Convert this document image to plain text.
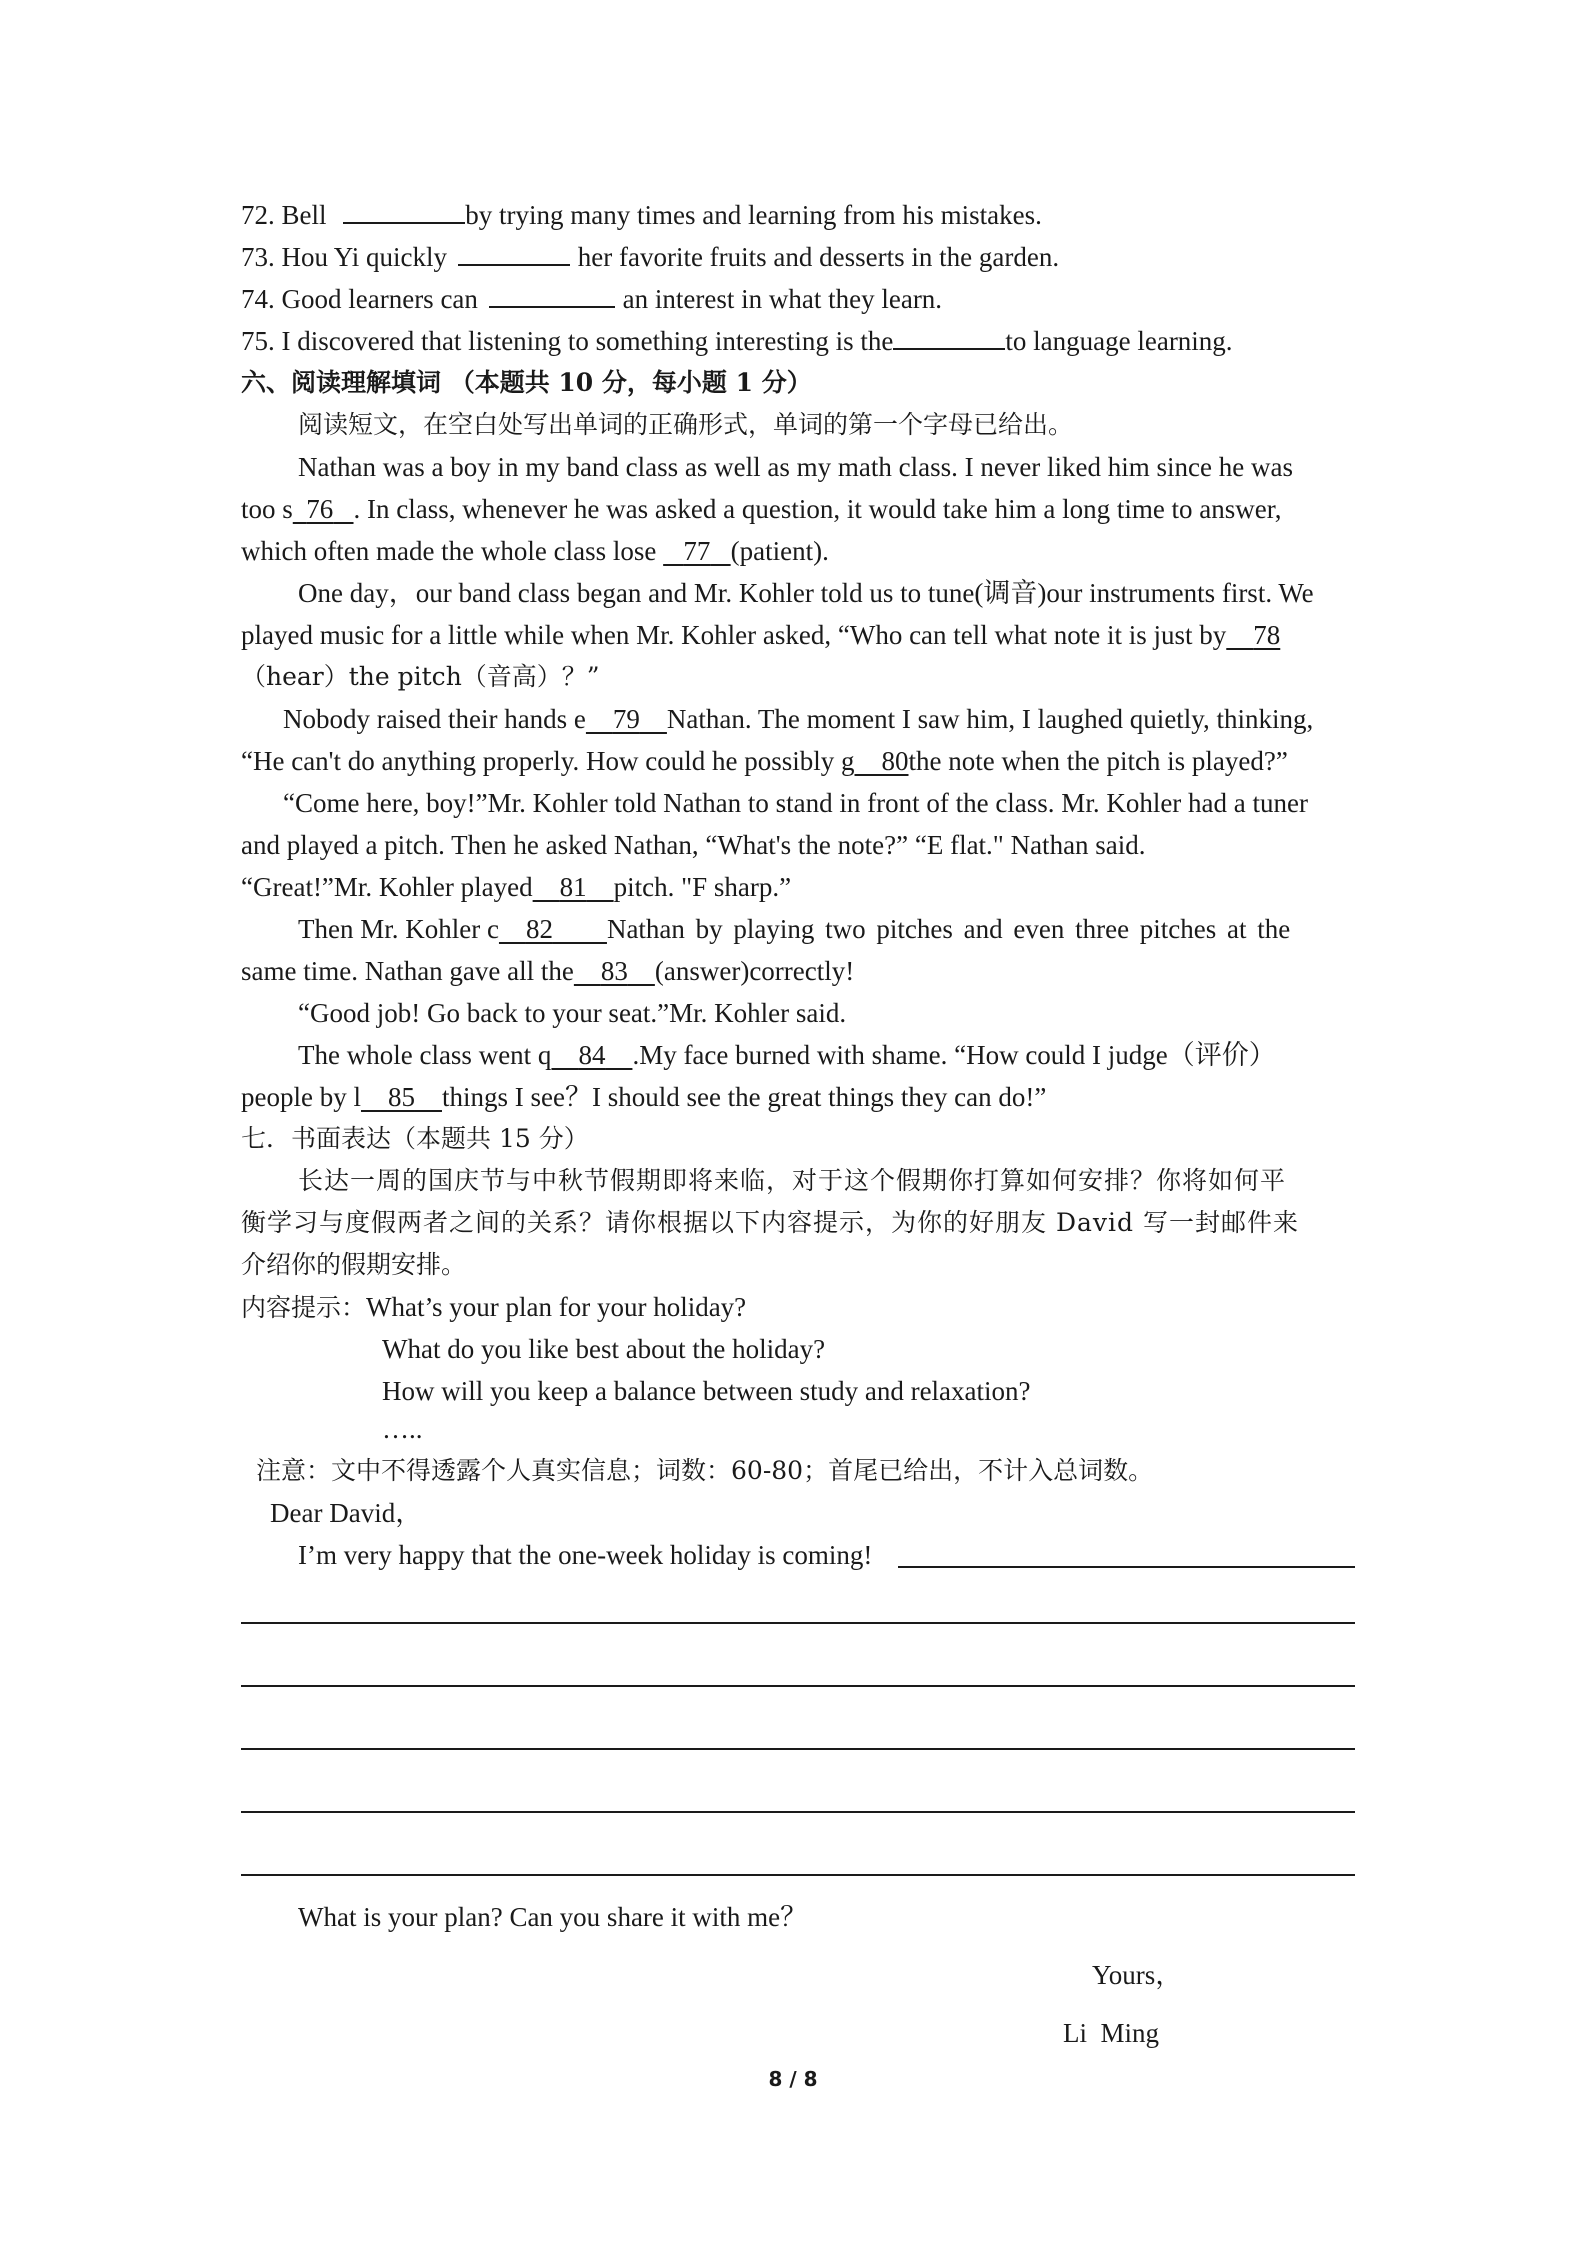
72. Bell	by trying many times and learning from his mistakes.
73. Hou Yi quickly	her favorite fruits and desserts in the garden.
74. Good learners can	an interest in what they learn.
75. I discovered that listening to something interesting is the	to language learning.
六、阅读理解填词 （本题共 10 分，每小题 1 分）
阅读短文，在空白处写出单词的正确形式，单词的第一个字母已给出。
Nathan was a boy in my band class as well as my math class. I never liked him since he was
too s 76 . In class, whenever he was asked a question, it would take him a long time to answer,
which often made the whole class lose 77 (patient).
One day，our band class began and Mr. Kohler told us to tune(调音)our instruments first. We
played music for a little while when Mr. Kohler asked, “Who can tell what note it is just by 78
（hear）the pitch（音高）？”
Nobody raised their hands e 79 Nathan. The moment I saw him, I laughed quietly, thinking,
“He can't do anything properly. How could he possibly g 80the note when the pitch is played?”
“Come here, boy!”Mr. Kohler told Nathan to stand in front of the class. Mr. Kohler had a tuner
and played a pitch. Then he asked Nathan, “What's the note?” “E flat." Nathan said.
“Great!”Mr. Kohler played 81 pitch. "F sharp.”
Then Mr. Kohler c 82 Nathan by playing two pitches and even three pitches at the
same time. Nathan gave all the 83 (answer)correctly!
“Good job! Go back to your seat.”Mr. Kohler said.
The whole class went q 84 .My face burned with shame. “How could I judge（评价）
people by l 85 things I see？I should see the great things they can do!”
七．书面表达（本题共 15 分）
长达一周的国庆节与中秋节假期即将来临，对于这个假期你打算如何安排？你将如何平
衡学习与度假两者之间的关系？请你根据以下内容提示，为你的好朋友 David 写一封邮件来
介绍你的假期安排。
内容提示：What’s your plan for your holiday?
What do you like best about the holiday?
How will you keep a balance between study and relaxation?
…..
注意：文中不得透露个人真实信息；词数：60-80；首尾已给出，不计入总词数。
Dear David，
I’m very happy that the one-week holiday is coming!
What is your plan? Can you share it with me？
Yours，
Li  Ming
8 / 8
